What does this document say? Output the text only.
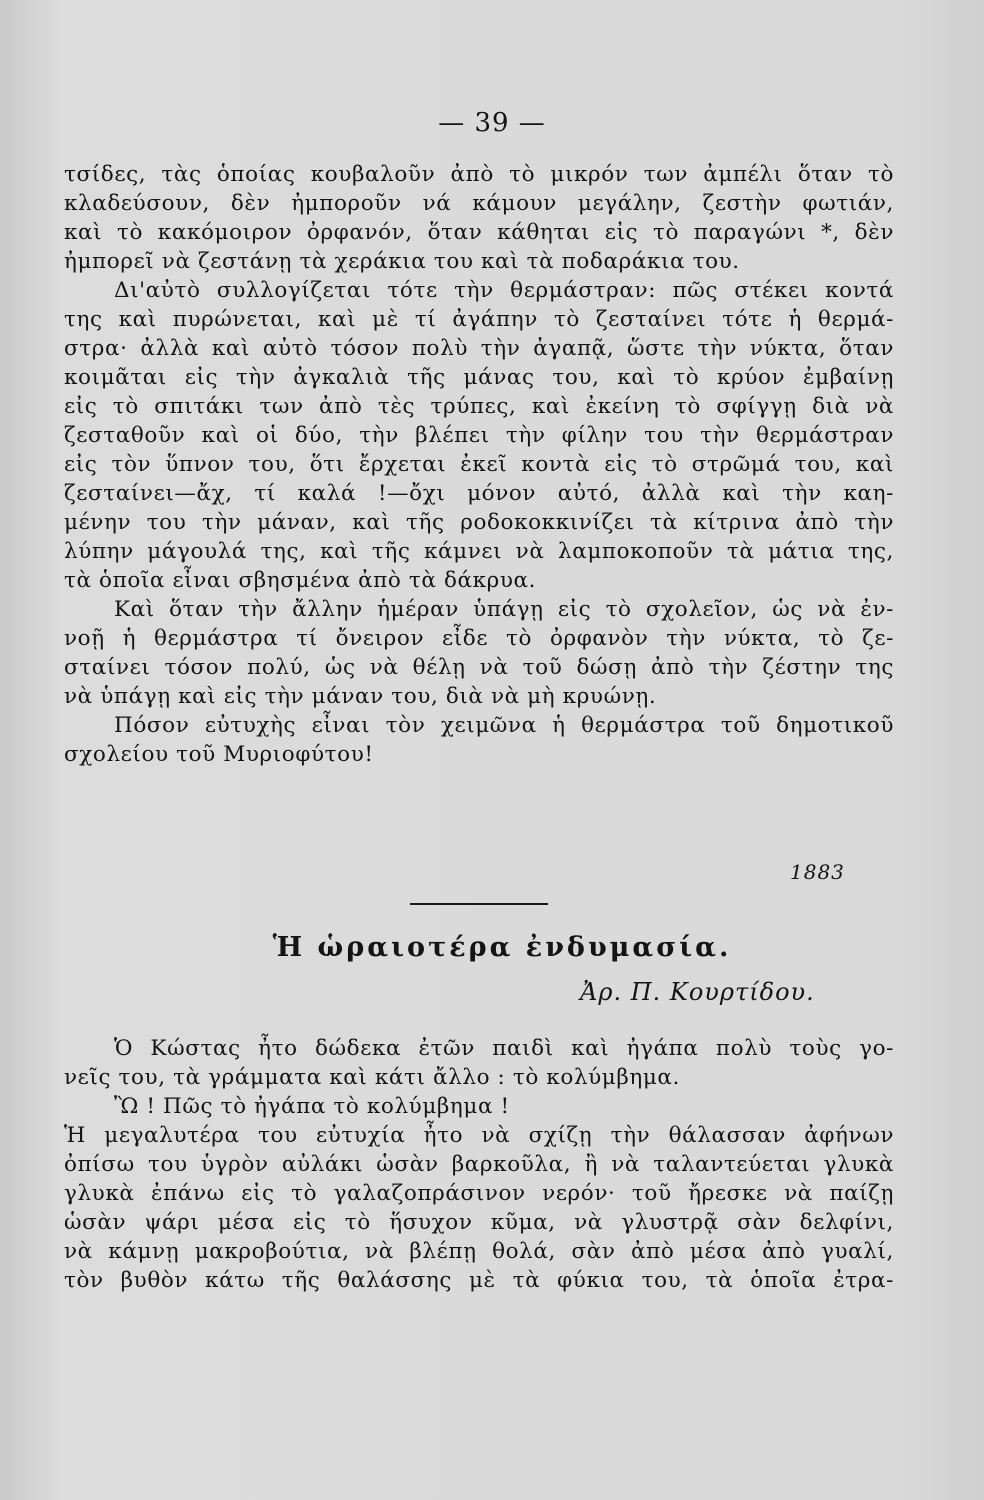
— 39 —
τσίδες, τὰς ὁποίας κουβαλοῦν ἀπὸ τὸ μικρόν των ἀμπέλι ὅταν τὸ
κλαδεύσουν, δὲν ἠμποροῦν νά κάμουν μεγάλην, ζεστὴν φωτιάν,
καὶ τὸ κακόμοιρον ὀρφανόν, ὅταν κάθηται εἰς τὸ παραγώνι *, δὲν
ἠμπορεῖ νὰ ζεστάνῃ τὰ χεράκια του καὶ τὰ ποδαράκια του.
Δι'αὐτὸ συλλογίζεται τότε τὴν θερμάστραν: πῶς στέκει κοντά
της καὶ πυρώνεται, καὶ μὲ τί ἀγάπην τὸ ζεσταίνει τότε ἡ θερμά-
στρα· ἀλλὰ καὶ αὐτὸ τόσον πολὺ τὴν ἀγαπᾷ, ὥστε τὴν νύκτα, ὅταν
κοιμᾶται εἰς τὴν ἀγκαλιὰ τῆς μάνας του, καὶ τὸ κρύον ἐμβαίνῃ
εἰς τὸ σπιτάκι των ἀπὸ τὲς τρύπες, καὶ ἐκείνη τὸ σφίγγῃ διὰ νὰ
ζεσταθοῦν καὶ οἱ δύο, τὴν βλέπει τὴν φίλην του τὴν θερμάστραν
εἰς τὸν ὕπνον του, ὅτι ἔρχεται ἐκεῖ κοντὰ εἰς τὸ στρῶμά του, καὶ
ζεσταίνει—ἄχ, τί καλά !—ὄχι μόνον αὐτό, ἀλλὰ καὶ τὴν καη-
μένην του τὴν μάναν, καὶ τῆς ροδοκοκκινίζει τὰ κίτρινα ἀπὸ τὴν
λύπην μάγουλά της, καὶ τῆς κάμνει νὰ λαμποκοποῦν τὰ μάτια της,
τὰ ὁποῖα εἶναι σβησμένα ἀπὸ τὰ δάκρυα.
Καὶ ὅταν τὴν ἄλλην ἡμέραν ὑπάγῃ εἰς τὸ σχολεῖον, ὡς νὰ ἐν-
νοῇ ἡ θερμάστρα τί ὄνειρον εἶδε τὸ ὀρφανὸν τὴν νύκτα, τὸ ζε-
σταίνει τόσον πολύ, ὡς νὰ θέλῃ νὰ τοῦ δώσῃ ἀπὸ τὴν ζέστην της
νὰ ὑπάγῃ καὶ εἰς τὴν μάναν του, διὰ νὰ μὴ κρυώνῃ.
Πόσον εὐτυχὴς εἶναι τὸν χειμῶνα ἡ θερμάστρα τοῦ δημοτικοῦ
σχολείου τοῦ Μυριοφύτου!
1883
Ἡ ὡραιοτέρα ἐνδυμασία.
Ἀρ. Π. Κουρτίδου.
Ὁ Κώστας ἦτο δώδεκα ἐτῶν παιδὶ καὶ ἠγάπα πολὺ τοὺς γο-
νεῖς του, τὰ γράμματα καὶ κάτι ἄλλο : τὸ κολύμβημα.
Ὢ ! Πῶς τὸ ἠγάπα τὸ κολύμβημα !
Ἡ μεγαλυτέρα του εὐτυχία ἦτο νὰ σχίζῃ τὴν θάλασσαν ἀφήνων
ὀπίσω του ὑγρὸν αὐλάκι ὡσὰν βαρκοῦλα, ἢ νὰ ταλαντεύεται γλυκὰ
γλυκὰ ἐπάνω εἰς τὸ γαλαζοπράσινον νερόν· τοῦ ἤρεσκε νὰ παίζῃ
ὡσὰν ψάρι μέσα εἰς τὸ ἥσυχον κῦμα, νὰ γλυστρᾷ σὰν δελφίνι,
νὰ κάμνῃ μακροβούτια, νὰ βλέπῃ θολά, σὰν ἀπὸ μέσα ἀπὸ γυαλί,
τὸν βυθὸν κάτω τῆς θαλάσσης μὲ τὰ φύκια του, τὰ ὁποῖα ἐτρα-
